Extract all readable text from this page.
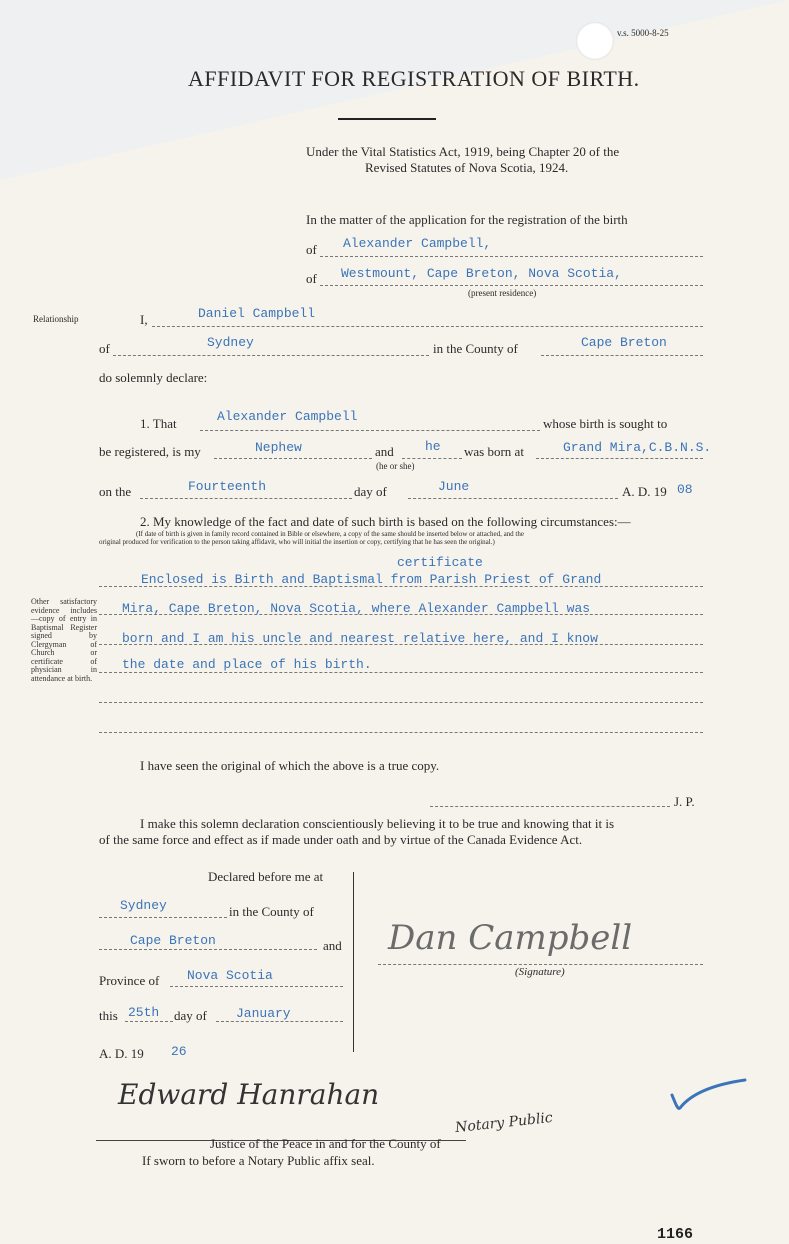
v.s. 5000-8-25
AFFIDAVIT FOR REGISTRATION OF BIRTH.
Under the Vital Statistics Act, 1919, being Chapter 20 of the
Revised Statutes of Nova Scotia, 1924.
In the matter of the application for the registration of the birth
of Alexander Campbell,
of Westmount, Cape Breton, Nova Scotia,
(present residence)
Relationship	I,	Daniel Campbell
of	Sydney	in the County of	Cape Breton
do solemnly declare:
1. That	Alexander Campbell	whose birth is sought to
be registered, is my	Nephew	and he
(he or she)
was born at	Grand Mira,C.B.N.S.
on the	Fourteenth	day of	June	A. D. 19 08
2. My knowledge of the fact and date of such birth is based on the following circumstances:—
(If date of birth is given in family record contained in Bible or elsewhere, a copy of the same should be inserted below or attached, and the
original produced for verification to the person taking affidavit, who will initial the insertion or copy, certifying that he has seen the original.)
certificate
Enclosed is Birth and Baptismal from Parish Priest of Grand
Mira, Cape Breton, Nova Scotia, where Alexander Campbell was
born and I am his uncle and nearest relative here, and I know
the date and place of his birth.
Other satisfactory evidence includes —copy of entry in Baptismal Register signed by Clergyman of Church or certificate of physician in attendance at birth.
I have seen the original of which the above is a true copy.
J. P.
I make this solemn declaration conscientiously believing it to be true and knowing that it is
of the same force and effect as if made under oath and by virtue of the Canada Evidence Act.
Declared before me at
Sydney	in the County of
Cape Breton	and
Province of Nova Scotia
this 25th day of January
A. D. 19 26
Dan Campbell
(Signature)
Edward Hanrahan
Notary Public
Justice of the Peace in and for the County of
If sworn to before a Notary Public affix seal.
1166
